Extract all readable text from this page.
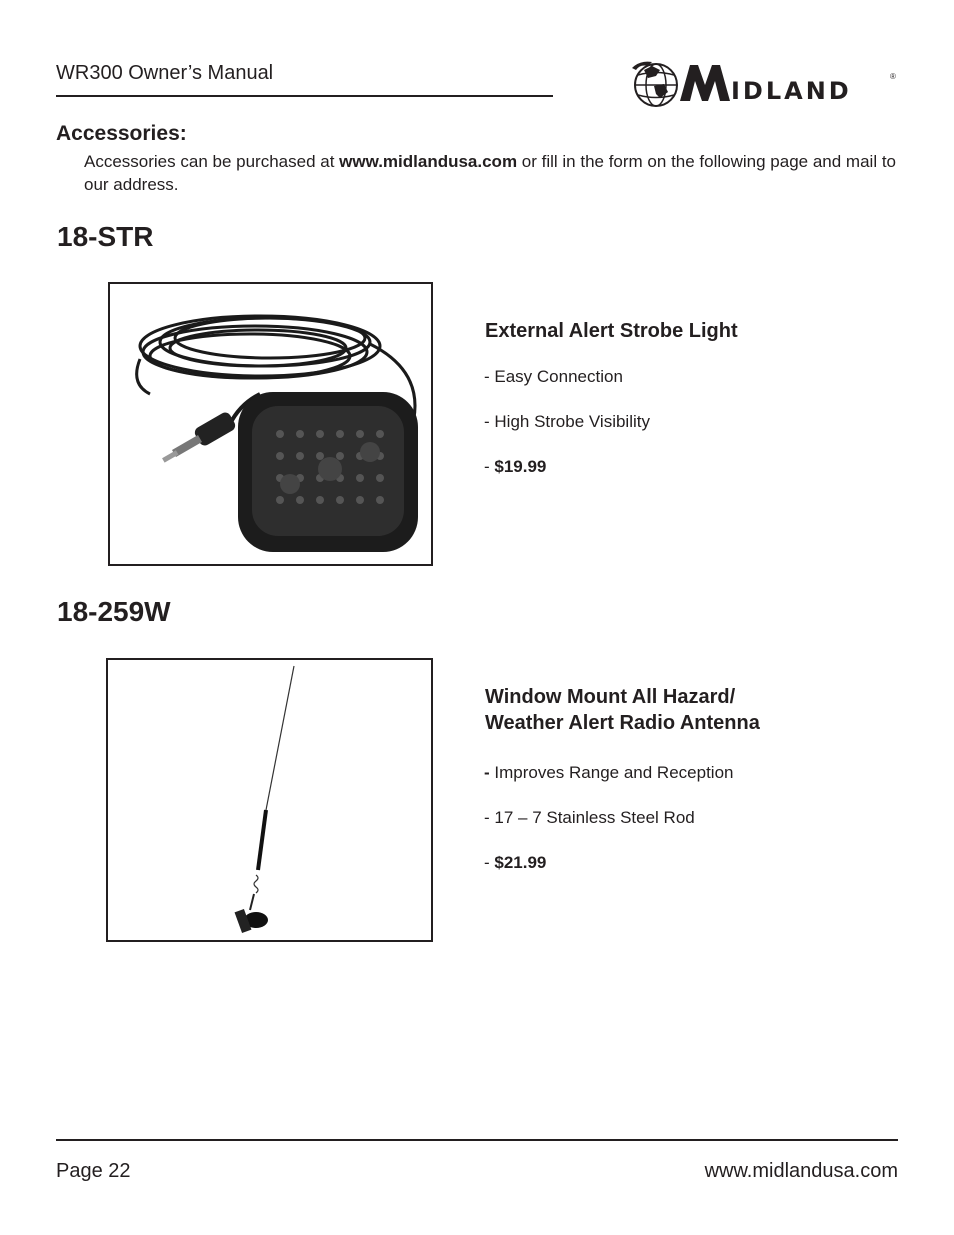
WR300 Owner’s Manual
IDLAND
®
Accessories:
Accessories can be purchased at www.midlandusa.com or fill in the form on the following page and mail to our address.
18-STR
External Alert Strobe Light
- Easy Connection
- High Strobe Visibility
- $19.99
18-259W
Window Mount All Hazard/
Weather Alert Radio Antenna
- Improves Range and Reception
- 17 – 7 Stainless Steel Rod
- $21.99
Page 22	www.midlandusa.com
